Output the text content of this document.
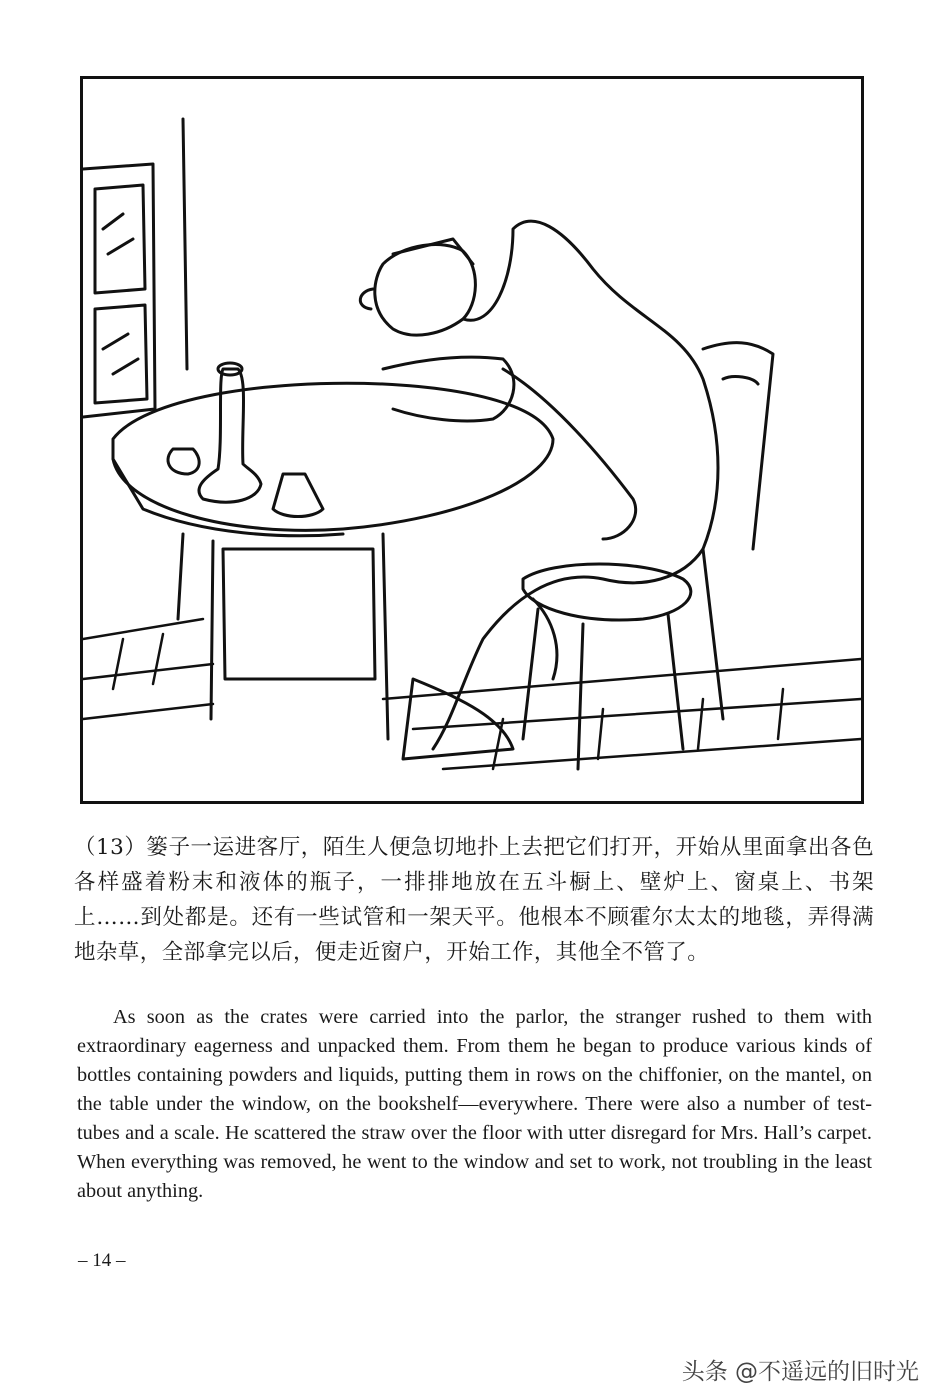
（13）篓子一运进客厅，陌生人便急切地扑上去把它们打开，开始从里面拿出各色各样盛着粉末和液体的瓶子，一排排地放在五斗橱上、壁炉上、窗桌上、书架上……到处都是。还有一些试管和一架天平。他根本不顾霍尔太太的地毯，弄得满地杂草，全部拿完以后，便走近窗户，开始工作，其他全不管了。

As soon as the crates were carried into the parlor, the stranger rushed to them with extraordinary eagerness and unpacked them. From them he began to produce various kinds of bottles containing powders and liquids, putting them in rows on the chiffonier, on the mantel, on the table under the window, on the bookshelf—everywhere. There were also a number of test-tubes and a scale. He scattered the straw over the floor with utter disregard for Mrs. Hall’s carpet. When everything was removed, he went to the window and set to work, not troubling in the least about anything.

– 14 –
头条 @不遥远的旧时光
